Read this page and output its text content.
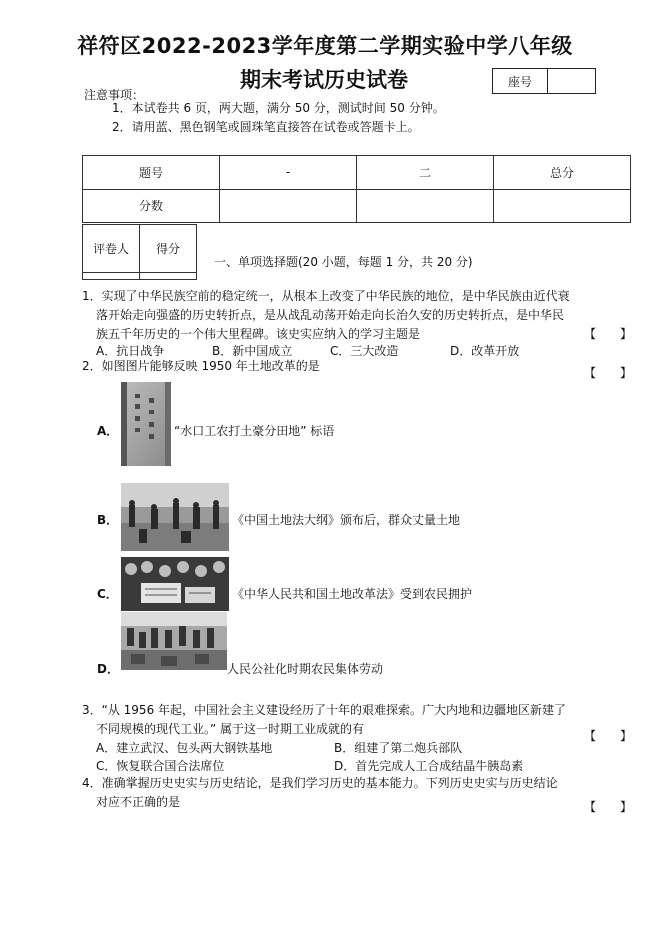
祥符区2022-2023学年度第二学期实验中学八年级
期末考试历史试卷	座号
注意事项：
1．本试卷共 6 页，两大题，满分 50 分，测试时间 50 分钟。
2．请用蓝、黑色钢笔或圆珠笔直接答在试卷或答题卡上。
题号	-	二	总分
分数			
评卷人	得分

一、单项选择题(20 小题，每题 1 分，共 20 分)

1．实现了中华民族空前的稳定统一，从根本上改变了中华民族的地位，是中华民族由近代衰

落开始走向强盛的历史转折点，是从战乱动荡开始走向长治久安的历史转折点，是中华民

族五千年历史的一个伟大里程碑。该史实应纳入的学习主题是	【　　】
A．抗日战争	B．新中国成立	C．三大改造	D．改革开放
2．如图图片能够反映 1950 年土地改革的是	【　　】
A．	“水口工农打土豪分田地” 标语
B．	《中国土地法大纲》颁布后，群众丈量土地
C．	《中华人民共和国土地改革法》受到农民拥护
D．	人民公社化时期农民集体劳动

3．“从 1956 年起，中国社会主义建设经历了十年的艰难探索。广大内地和边疆地区新建了

不同规模的现代工业。” 属于这一时期工业成就的有	【　　】
A．建立武汉、包头两大钢铁基地	B．组建了第二炮兵部队
C．恢复联合国合法席位	D．首先完成人工合成结晶牛胰岛素

4．准确掌握历史史实与历史结论，是我们学习历史的基本能力。下列历史史实与历史结论

对应不正确的是	【　　】
